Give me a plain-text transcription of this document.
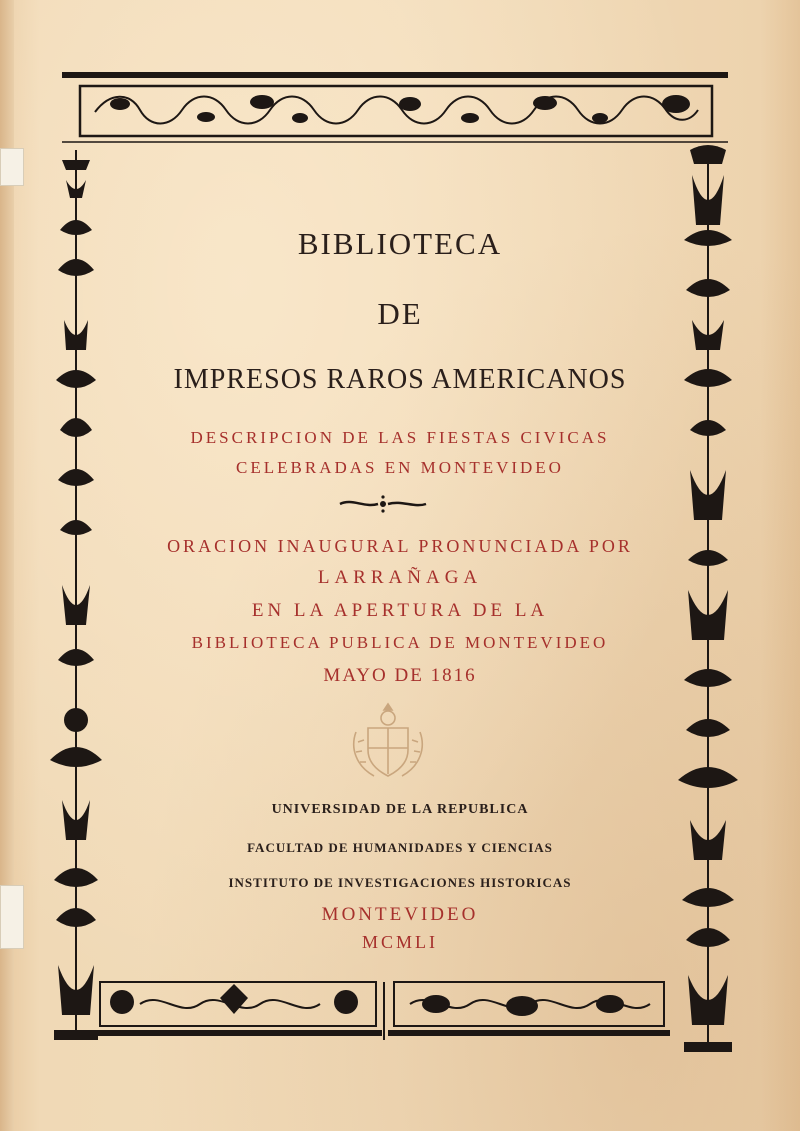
BIBLIOTECA
DE
IMPRESOS RAROS AMERICANOS
DESCRIPCION DE LAS FIESTAS CIVICAS
CELEBRADAS EN MONTEVIDEO
ORACION INAUGURAL PRONUNCIADA POR
LARRAÑAGA
EN LA APERTURA DE LA
BIBLIOTECA PUBLICA DE MONTEVIDEO
MAYO DE 1816
UNIVERSIDAD DE LA REPUBLICA
FACULTAD DE HUMANIDADES Y CIENCIAS
INSTITUTO DE INVESTIGACIONES HISTORICAS
MONTEVIDEO
MCMLI
